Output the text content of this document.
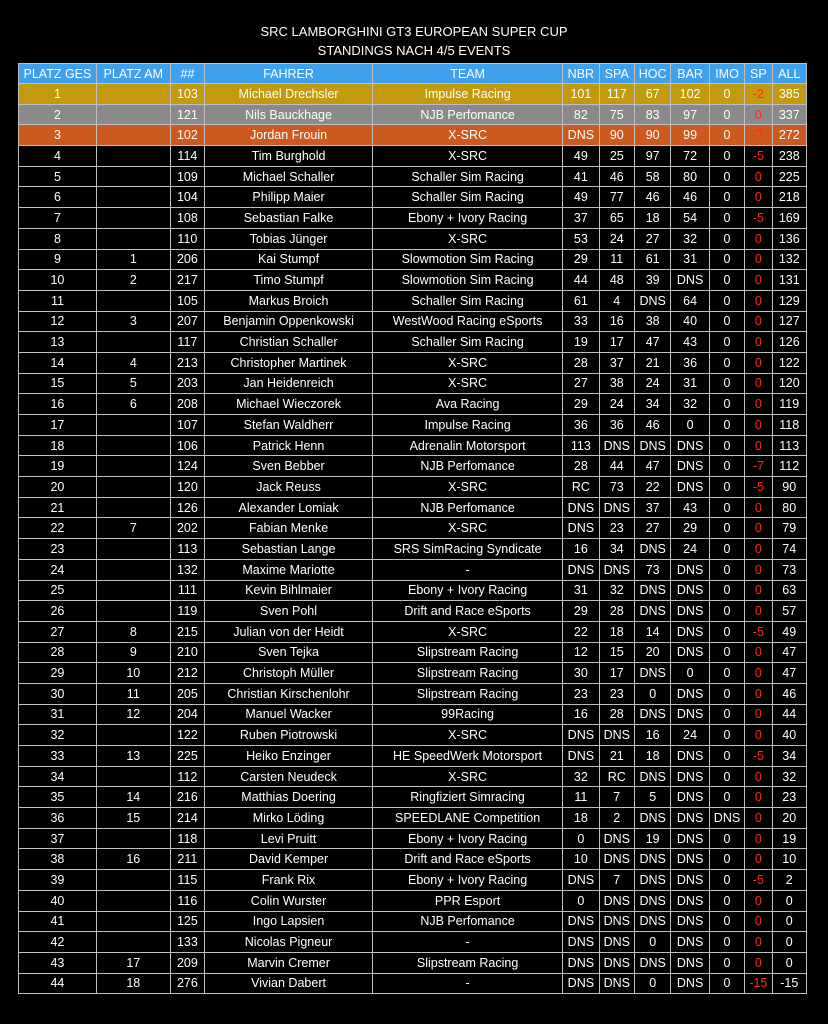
SRC LAMBORGHINI GT3 EUROPEAN SUPER CUP
STANDINGS NACH 4/5 EVENTS
PLATZ GES	PLATZ AM	##	FAHRER	TEAM	NBR	SPA	HOC	BAR	IMO	SP	ALL
1		103	Michael Drechsler	Impulse Racing	101	117	67	102	0	-2	385
2		121	Nils Bauckhage	NJB Perfomance	82	75	83	97	0	0	337
3		102	Jordan Frouin	X-SRC	DNS	90	90	99	0	-7	272
4		114	Tim Burghold	X-SRC	49	25	97	72	0	-5	238
5		109	Michael Schaller	Schaller Sim Racing	41	46	58	80	0	0	225
6		104	Philipp Maier	Schaller Sim Racing	49	77	46	46	0	0	218
7		108	Sebastian Falke	Ebony + Ivory Racing	37	65	18	54	0	-5	169
8		110	Tobias Jünger	X-SRC	53	24	27	32	0	0	136
9	1	206	Kai Stumpf	Slowmotion Sim Racing	29	11	61	31	0	0	132
10	2	217	Timo Stumpf	Slowmotion Sim Racing	44	48	39	DNS	0	0	131
11		105	Markus Broich	Schaller Sim Racing	61	4	DNS	64	0	0	129
12	3	207	Benjamin Oppenkowski	WestWood Racing eSports	33	16	38	40	0	0	127
13		117	Christian Schaller	Schaller Sim Racing	19	17	47	43	0	0	126
14	4	213	Christopher Martinek	X-SRC	28	37	21	36	0	0	122
15	5	203	Jan Heidenreich	X-SRC	27	38	24	31	0	0	120
16	6	208	Michael Wieczorek	Ava Racing	29	24	34	32	0	0	119
17		107	Stefan Waldherr	Impulse Racing	36	36	46	0	0	0	118
18		106	Patrick Henn	Adrenalin Motorsport	113	DNS	DNS	DNS	0	0	113
19		124	Sven Bebber	NJB Perfomance	28	44	47	DNS	0	-7	112
20		120	Jack Reuss	X-SRC	RC	73	22	DNS	0	-5	90
21		126	Alexander Lomiak	NJB Perfomance	DNS	DNS	37	43	0	0	80
22	7	202	Fabian Menke	X-SRC	DNS	23	27	29	0	0	79
23		113	Sebastian Lange	SRS SimRacing Syndicate	16	34	DNS	24	0	0	74
24		132	Maxime Mariotte	-	DNS	DNS	73	DNS	0	0	73
25		111	Kevin Bihlmaier	Ebony + Ivory Racing	31	32	DNS	DNS	0	0	63
26		119	Sven Pohl	Drift and Race eSports	29	28	DNS	DNS	0	0	57
27	8	215	Julian von der Heidt	X-SRC	22	18	14	DNS	0	-5	49
28	9	210	Sven Tejka	Slipstream Racing	12	15	20	DNS	0	0	47
29	10	212	Christoph Müller	Slipstream Racing	30	17	DNS	0	0	0	47
30	11	205	Christian Kirschenlohr	Slipstream Racing	23	23	0	DNS	0	0	46
31	12	204	Manuel Wacker	99Racing	16	28	DNS	DNS	0	0	44
32		122	Ruben Piotrowski	X-SRC	DNS	DNS	16	24	0	0	40
33	13	225	Heiko Enzinger	HE SpeedWerk Motorsport	DNS	21	18	DNS	0	-5	34
34		112	Carsten Neudeck	X-SRC	32	RC	DNS	DNS	0	0	32
35	14	216	Matthias Doering	Ringfiziert Simracing	11	7	5	DNS	0	0	23
36	15	214	Mirko Löding	SPEEDLANE Competition	18	2	DNS	DNS	DNS	0	20
37		118	Levi Pruitt	Ebony + Ivory Racing	0	DNS	19	DNS	0	0	19
38	16	211	David Kemper	Drift and Race eSports	10	DNS	DNS	DNS	0	0	10
39		115	Frank Rix	Ebony + Ivory Racing	DNS	7	DNS	DNS	0	-5	2
40		116	Colin Wurster	PPR Esport	0	DNS	DNS	DNS	0	0	0
41		125	Ingo Lapsien	NJB Perfomance	DNS	DNS	DNS	DNS	0	0	0
42		133	Nicolas Pigneur	-	DNS	DNS	0	DNS	0	0	0
43	17	209	Marvin Cremer	Slipstream Racing	DNS	DNS	DNS	DNS	0	0	0
44	18	276	Vivian Dabert	-	DNS	DNS	0	DNS	0	-15	-15
